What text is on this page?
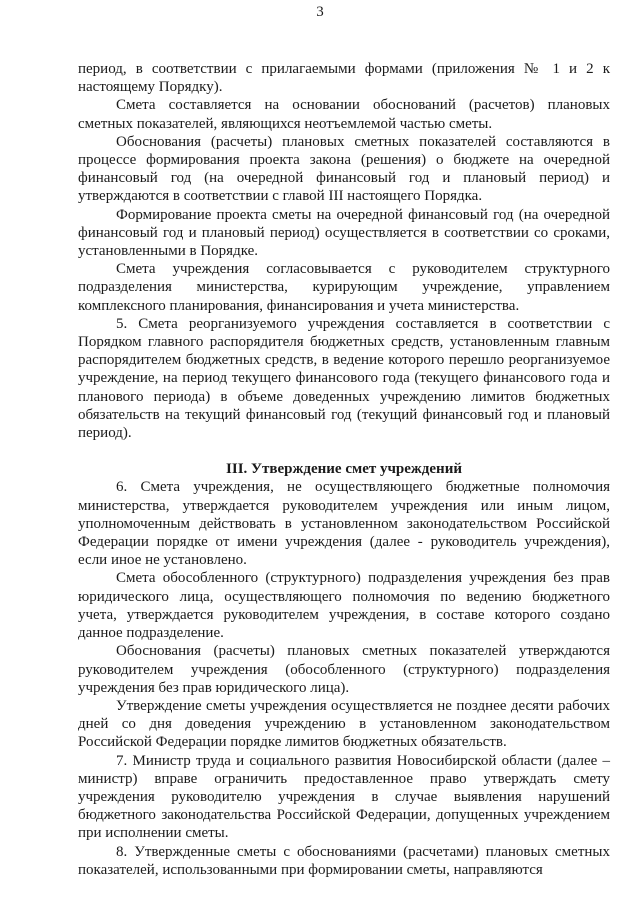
3

период, в соответствии с прилагаемыми формами (приложения № 1 и 2 к настоящему Порядку).

Смета составляется на основании обоснований (расчетов) плановых сметных показателей, являющихся неотъемлемой частью сметы.

Обоснования (расчеты) плановых сметных показателей составляются в процессе формирования проекта закона (решения) о бюджете на очередной финансовый год (на очередной финансовый год и плановый период) и утверждаются в соответствии с главой III настоящего Порядка.

Формирование проекта сметы на очередной финансовый год (на очередной финансовый год и плановый период) осуществляется в соответствии со сроками, установленными в Порядке.

Смета учреждения согласовывается с руководителем структурного подразделения министерства, курирующим учреждение, управлением комплексного планирования, финансирования и учета министерства.

5. Смета реорганизуемого учреждения составляется в соответствии с Порядком главного распорядителя бюджетных средств, установленным главным распорядителем бюджетных средств, в ведение которого перешло реорганизуемое учреждение, на период текущего финансового года (текущего финансового года и планового периода) в объеме доведенных учреждению лимитов бюджетных обязательств на текущий финансовый год (текущий финансовый год и плановый период).

III. Утверждение смет учреждений

6. Смета учреждения, не осуществляющего бюджетные полномочия министерства, утверждается руководителем учреждения или иным лицом, уполномоченным действовать в установленном законодательством Российской Федерации порядке от имени учреждения (далее - руководитель учреждения), если иное не установлено.

Смета обособленного (структурного) подразделения учреждения без прав юридического лица, осуществляющего полномочия по ведению бюджетного учета, утверждается руководителем учреждения, в составе которого создано данное подразделение.

Обоснования (расчеты) плановых сметных показателей утверждаются руководителем учреждения (обособленного (структурного) подразделения учреждения без прав юридического лица).

Утверждение сметы учреждения осуществляется не позднее десяти рабочих дней со дня доведения учреждению в установленном законодательством Российской Федерации порядке лимитов бюджетных обязательств.

7. Министр труда и социального развития Новосибирской области (далее – министр) вправе ограничить предоставленное право утверждать смету учреждения руководителю учреждения в случае выявления нарушений бюджетного законодательства Российской Федерации, допущенных учреждением при исполнении сметы.

8. Утвержденные сметы с обоснованиями (расчетами) плановых сметных показателей, использованными при формировании сметы, направляются
